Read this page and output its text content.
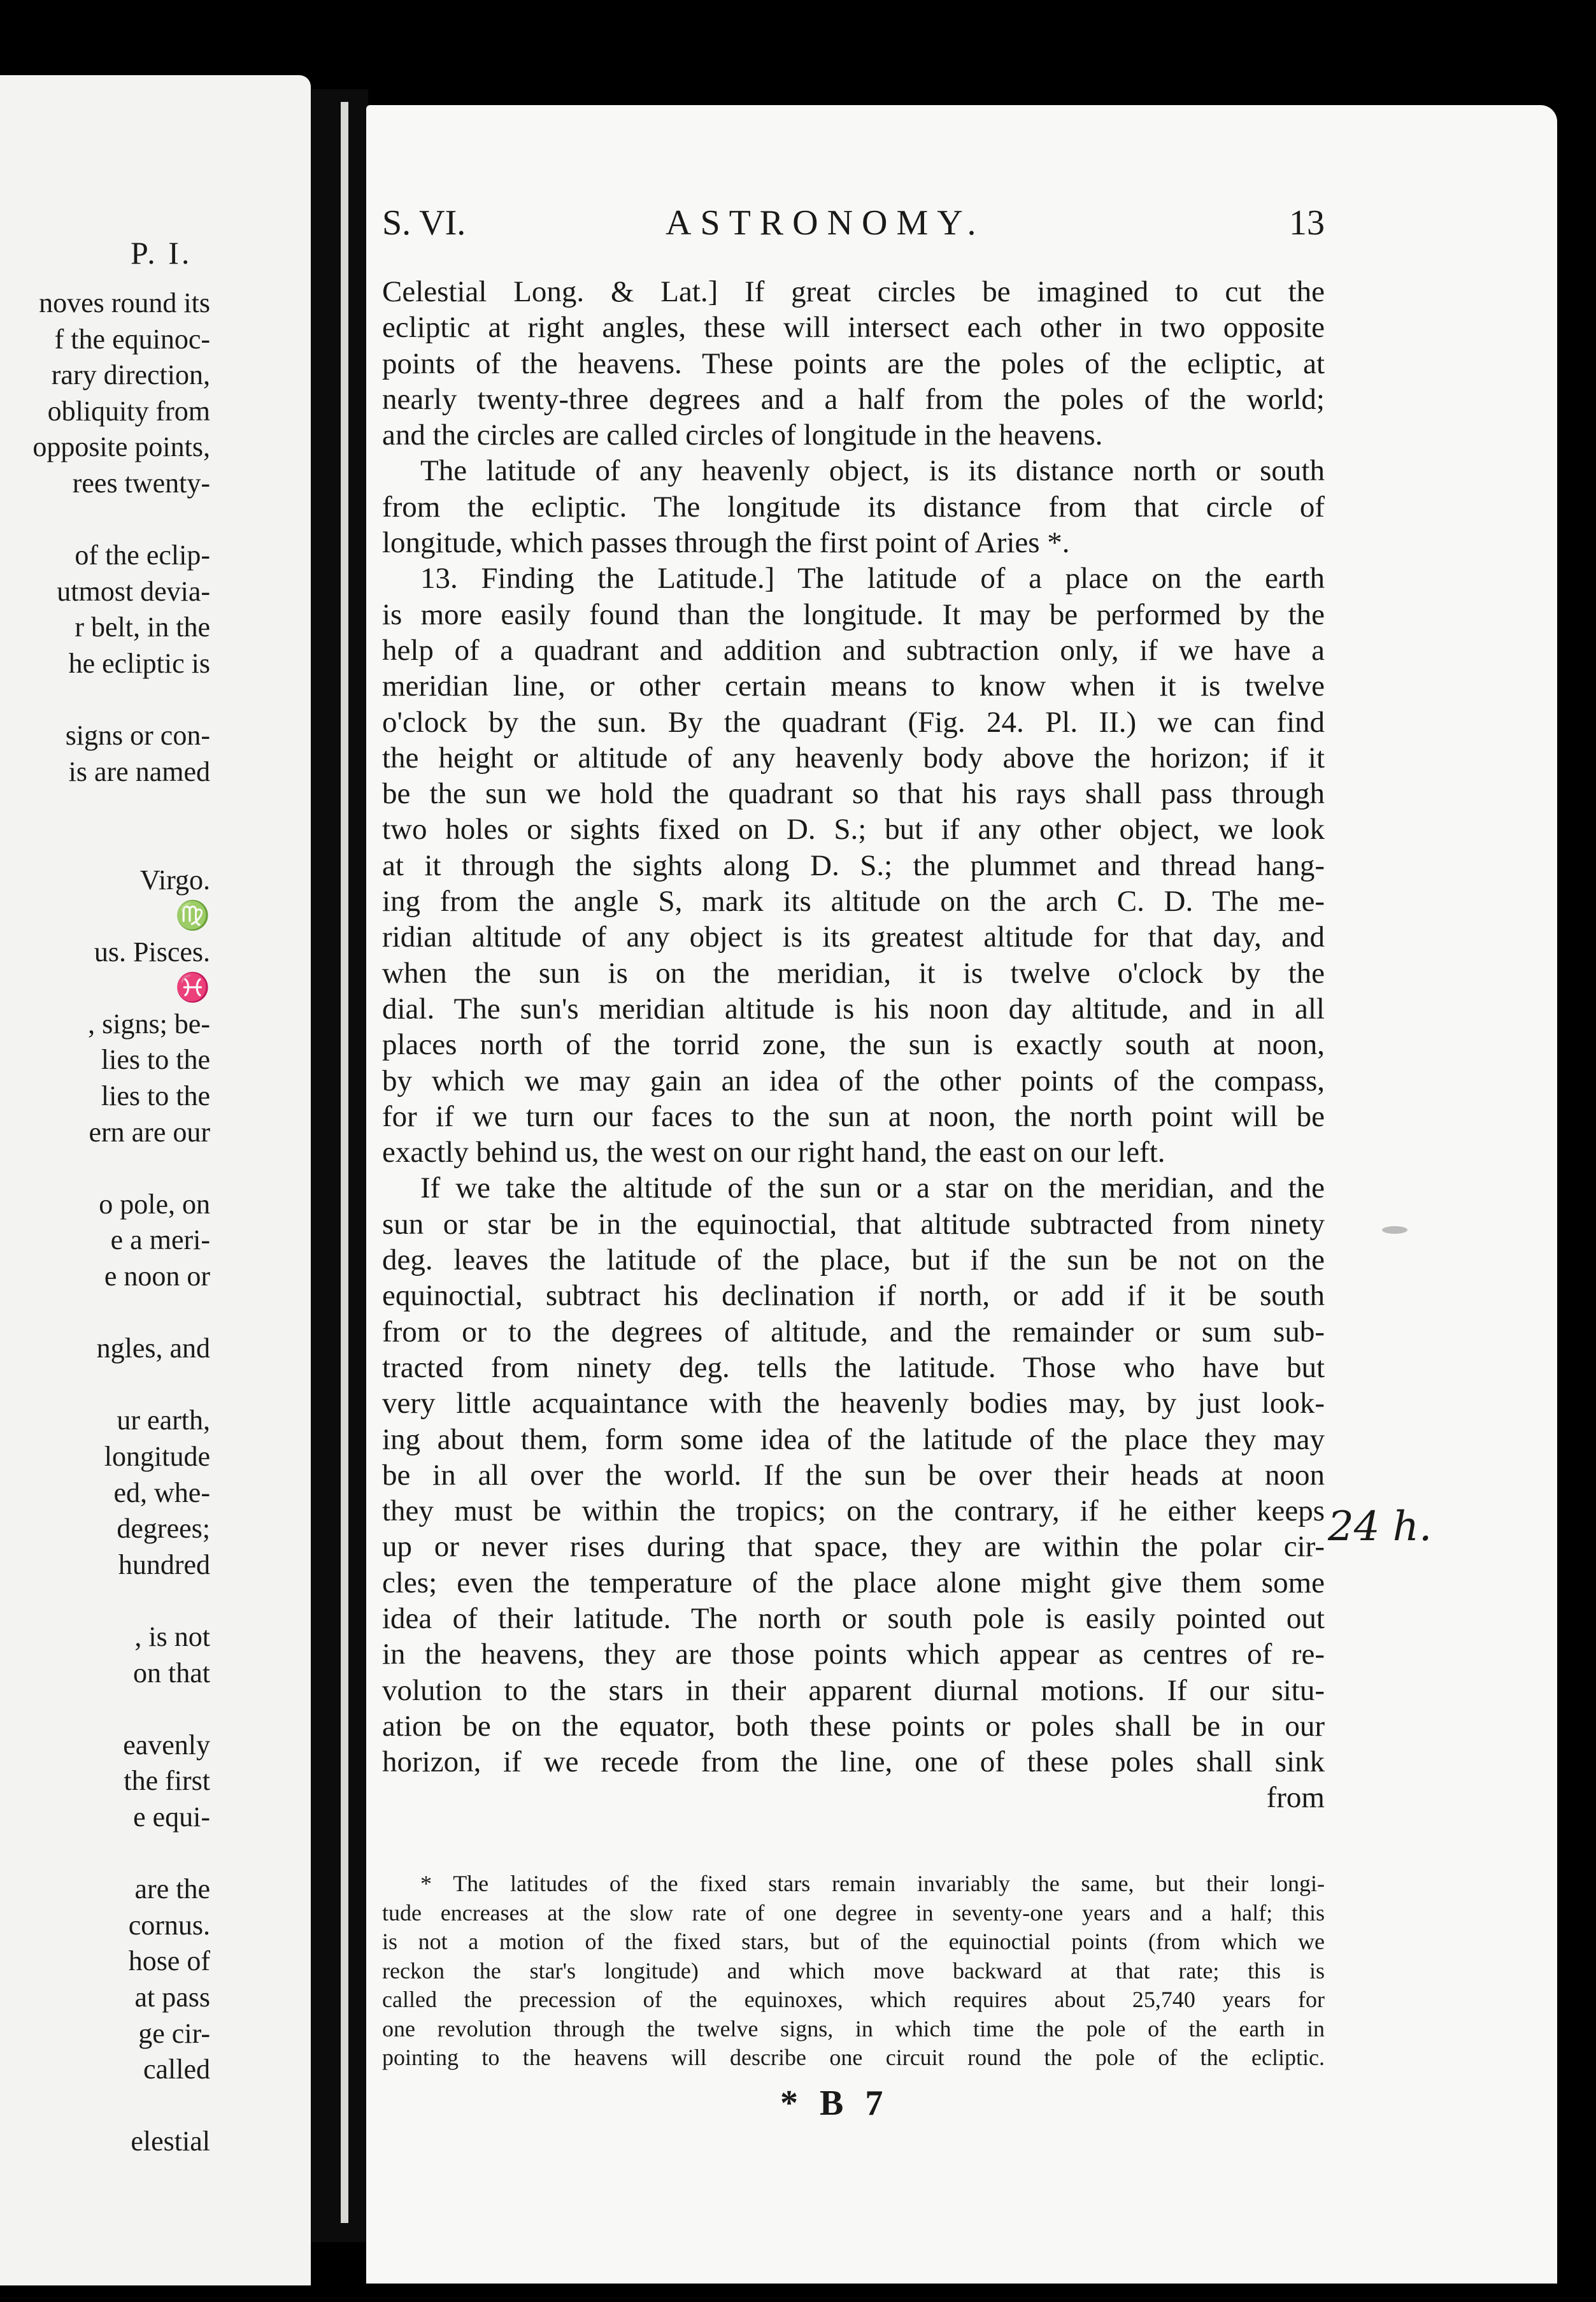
P. I.
noves round its
f the equinoc-
rary direction,
obliquity from
opposite points,
rees twenty-
of the eclip-
utmost devia-
r belt, in the
he ecliptic is
signs or con-
is are named
Virgo.
♍
us. Pisces.
♓
, signs; be-
lies to the
lies to the
ern are our
o pole, on
e a meri-
e noon or
ngles, and
ur earth,
longitude
ed, whe-
degrees;
hundred
, is not
on that
eavenly
the first
e equi-
are the
cornus.
hose of
at pass
ge cir-
called
elestial
S. VI.	ASTRONOMY.	13
Celestial Long. & Lat.] If great circles be imagined to cut the
ecliptic at right angles, these will intersect each other in two opposite
points of the heavens. These points are the poles of the ecliptic, at
nearly twenty-three degrees and a half from the poles of the world;
and the circles are called circles of longitude in the heavens.
The latitude of any heavenly object, is its distance north or south
from the ecliptic. The longitude its distance from that circle of
longitude, which passes through the first point of Aries *.
13. Finding the Latitude.] The latitude of a place on the earth
is more easily found than the longitude. It may be performed by the
help of a quadrant and addition and subtraction only, if we have a
meridian line, or other certain means to know when it is twelve
o'clock by the sun. By the quadrant (Fig. 24. Pl. II.) we can find
the height or altitude of any heavenly body above the horizon; if it
be the sun we hold the quadrant so that his rays shall pass through
two holes or sights fixed on D. S.; but if any other object, we look
at it through the sights along D. S.; the plummet and thread hang-
ing from the angle S, mark its altitude on the arch C. D. The me-
ridian altitude of any object is its greatest altitude for that day, and
when the sun is on the meridian, it is twelve o'clock by the
dial. The sun's meridian altitude is his noon day altitude, and in all
places north of the torrid zone, the sun is exactly south at noon,
by which we may gain an idea of the other points of the compass,
for if we turn our faces to the sun at noon, the north point will be
exactly behind us, the west on our right hand, the east on our left.
If we take the altitude of the sun or a star on the meridian, and the
sun or star be in the equinoctial, that altitude subtracted from ninety
deg. leaves the latitude of the place, but if the sun be not on the
equinoctial, subtract his declination if north, or add if it be south
from or to the degrees of altitude, and the remainder or sum sub-
tracted from ninety deg. tells the latitude. Those who have but
very little acquaintance with the heavenly bodies may, by just look-
ing about them, form some idea of the latitude of the place they may
be in all over the world. If the sun be over their heads at noon
they must be within the tropics; on the contrary, if he either keeps
up or never rises during that space, they are within the polar cir-
cles; even the temperature of the place alone might give them some
idea of their latitude. The north or south pole is easily pointed out
in the heavens, they are those points which appear as centres of re-
volution to the stars in their apparent diurnal motions. If our situ-
ation be on the equator, both these points or poles shall be in our
horizon, if we recede from the line, one of these poles shall sink
from
* The latitudes of the fixed stars remain invariably the same, but their longi-
tude encreases at the slow rate of one degree in seventy-one years and a half; this
is not a motion of the fixed stars, but of the equinoctial points (from which we
reckon the star's longitude) and which move backward at that rate; this is
called the precession of the equinoxes, which requires about 25,740 years for
one revolution through the twelve signs, in which time the pole of the earth in
pointing to the heavens will describe one circuit round the pole of the ecliptic.
* B 7
24 h.
